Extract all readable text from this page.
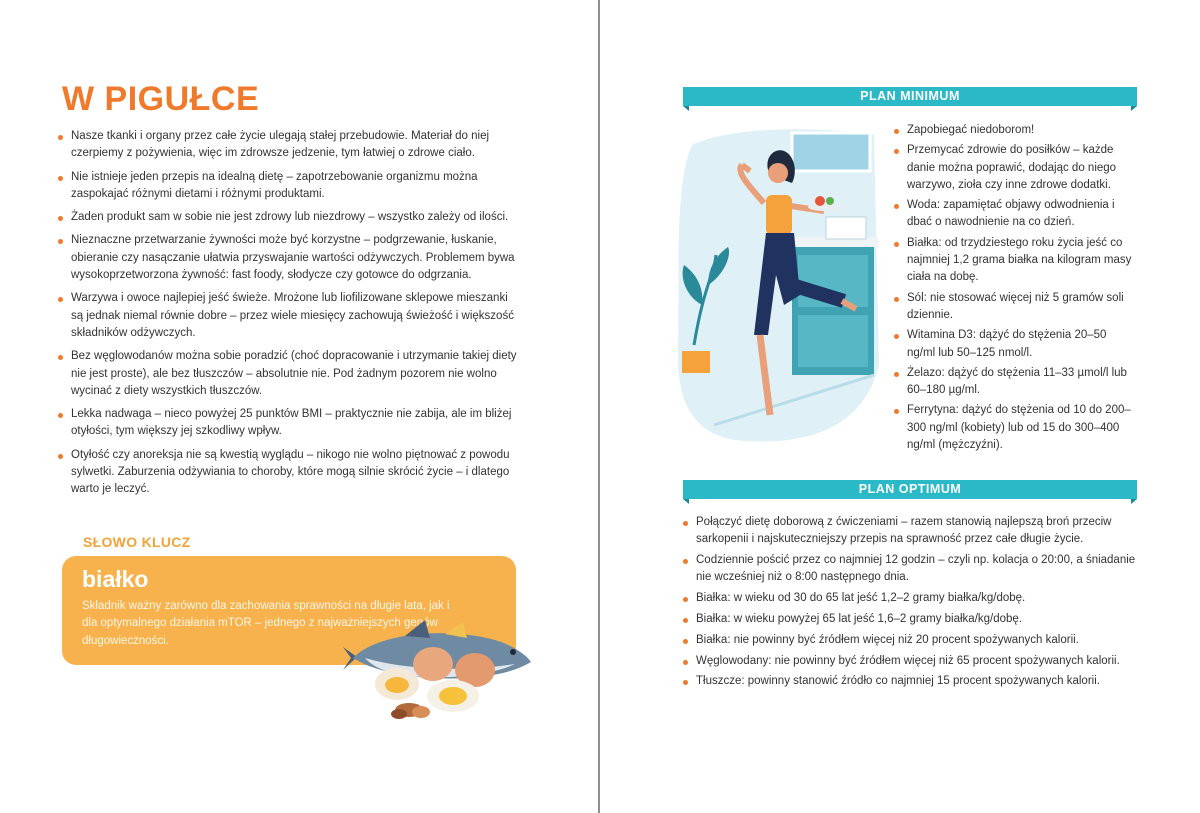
W PIGUŁCE
Nasze tkanki i organy przez całe życie ulegają stałej przebudowie. Materiał do niej czerpiemy z pożywienia, więc im zdrowsze jedzenie, tym łatwiej o zdrowe ciało.
Nie istnieje jeden przepis na idealną dietę – zapotrzebowanie organizmu można zaspokajać różnymi dietami i różnymi produktami.
Żaden produkt sam w sobie nie jest zdrowy lub niezdrowy – wszystko zależy od ilości.
Nieznaczne przetwarzanie żywności może być korzystne – podgrzewanie, łuskanie, obieranie czy nasączanie ułatwia przyswajanie wartości odżywczych. Problemem bywa wysokoprzetworzona żywność: fast foody, słodycze czy gotowce do odgrzania.
Warzywa i owoce najlepiej jeść świeże. Mrożone lub liofilizowane sklepowe mieszanki są jednak niemal równie dobre – przez wiele miesięcy zachowują świeżość i większość składników odżywczych.
Bez węglowodanów można sobie poradzić (choć dopracowanie i utrzymanie takiej diety nie jest proste), ale bez tłuszczów – absolutnie nie. Pod żadnym pozorem nie wolno wycinać z diety wszystkich tłuszczów.
Lekka nadwaga – nieco powyżej 25 punktów BMI – praktycznie nie zabija, ale im bliżej otyłości, tym większy jej szkodliwy wpływ.
Otyłość czy anoreksja nie są kwestią wyglądu – nikogo nie wolno piętnować z powodu sylwetki. Zaburzenia odżywiania to choroby, które mogą silnie skrócić życie – i dlatego warto je leczyć.
SŁOWO KLUCZ
białko
Składnik ważny zarówno dla zachowania sprawności na długie lata, jak i dla optymalnego działania mTOR – jednego z najważniejszych genów długowieczności.
PLAN MINIMUM
Zapobiegać niedoborom!
Przemycać zdrowie do posiłków – każde danie można poprawić, dodając do niego warzywo, zioła czy inne zdrowe dodatki.
Woda: zapamiętać objawy odwodnienia i dbać o nawodnienie na co dzień.
Białka: od trzydziestego roku życia jeść co najmniej 1,2 grama białka na kilogram masy ciała na dobę.
Sól: nie stosować więcej niż 5 gramów soli dziennie.
Witamina D3: dążyć do stężenia 20–50 ng/ml lub 50–125 nmol/l.
Żelazo: dążyć do stężenia 11–33 µmol/l lub 60–180 µg/ml.
Ferrytyna: dążyć do stężenia od 10 do 200–300 ng/ml (kobiety) lub od 15 do 300–400 ng/ml (mężczyźni).
PLAN OPTIMUM
Połączyć dietę doborową z ćwiczeniami – razem stanowią najlepszą broń przeciw sarkopenii i najskuteczniejszy przepis na sprawność przez całe długie życie.
Codziennie pościć przez co najmniej 12 godzin – czyli np. kolacja o 20:00, a śniadanie nie wcześniej niż o 8:00 następnego dnia.
Białka: w wieku od 30 do 65 lat jeść 1,2–2 gramy białka/kg/dobę.
Białka: w wieku powyżej 65 lat jeść 1,6–2 gramy białka/kg/dobę.
Białka: nie powinny być źródłem więcej niż 20 procent spożywanych kalorii.
Węglowodany: nie powinny być źródłem więcej niż 65 procent spożywanych kalorii.
Tłuszcze: powinny stanowić źródło co najmniej 15 procent spożywanych kalorii.
